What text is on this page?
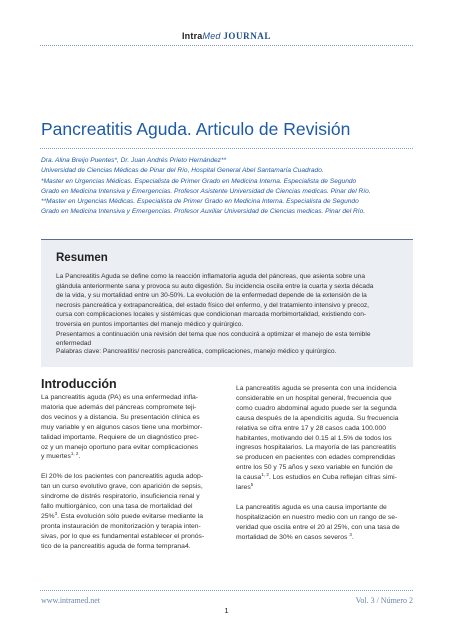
IntraMed JOURNAL
Pancreatitis Aguda. Articulo de Revisión
Dra. Alina Breijo Puentes*, Dr. Juan Andrés Prieto Hernández**
Universidad de Ciencias Médicas de Pinar del Río, Hospital General Abel Santamaría Cuadrado.
*Master en Urgencias Médicas. Especialista de Primer Grado en Medicina Interna. Especialista de Segundo
Grado en Medicina Intensiva y Emergencias. Profesor Asistente Universidad de Ciencias medicas. Pinar del Río.
**Master en Urgencias Médicas. Especialista de Primer Grado en Medicina Interna. Especialista de Segundo
Grado en Medicina Intensiva y Emergencias. Profesor Auxiliar Universidad de Ciencias medicas. Pinar del Río.
Resumen
La Pancreatitis Aguda se define como la reacción inflamatoria aguda del páncreas, que asienta sobre una
glándula anteriormente sana y provoca su auto digestión. Su incidencia oscila entre la cuarta y sexta década
de la vida, y su mortalidad entre un 30-50%. La evolución de la enfermedad depende de la extensión de la
necrosis pancreática y extrapancreática, del estado físico del enfermo, y del tratamiento intensivo y precoz,
cursa con complicaciones locales y sistémicas que condicionan marcada morbimortalidad, existiendo con-
troversia en puntos importantes del manejo médico y quirúrgico.
Presentamos a continuación una revisión del tema que nos conducirá a optimizar el manejo de esta temible
enfermedad
Palabras clave: Pancreatitis/ necrosis pancreática, complicaciones, manejo médico y quirúrgico.
Introducción
La pancreatitis aguda (PA) es una enfermedad infla-
matoria que además del páncreas compromete teji-
dos vecinos y a distancia. Su presentación clínica es
muy variable y en algunos casos tiene una morbimor-
talidad importante. Requiere de un diagnóstico prec-
oz y un manejo oportuno para evitar complicaciones
y muertes$^{1, 2}$.
El 20% de los pacientes con pancreatitis aguda adop-
tan un curso evolutivo grave, con aparición de sepsis,
síndrome de distrés respiratorio, insuficiencia renal y
fallo multiorgánico, con una tasa de mortalidad del
25%$^3$. Esta evolución sólo puede evitarse mediante la
pronta instauración de monitorización y terapia inten-
sivas, por lo que es fundamental establecer el pronós-
tico de la pancreatitis aguda de forma temprana4.
La pancreatitis aguda se presenta con una incidencia
considerable en un hospital general, frecuencia que
como cuadro abdominal agudo puede ser la segunda
causa después de la apendicitis aguda. Su frecuencia
relativa se cifra entre 17 y 28 casos cada 100.000
habitantes, motivando del 0.15 al 1.5% de todos los
ingresos hospitalarios. La mayoría de las pancreatitis
se producen en pacientes con edades comprendidas
entre los 50 y 75 años y sexo variable en función de
la causa$^{1, 2}$. Los estudios en Cuba reflejan cifras simi-
lares$^5$
La pancreatitis aguda es una causa importante de
hospitalización en nuestro medio con un rango de se-
veridad que oscila entre el 20 al 25%, con una tasa de
mortalidad de 30% en casos severos $^3$.
www.intramed.net	Vol. 3 / Número 2
1
